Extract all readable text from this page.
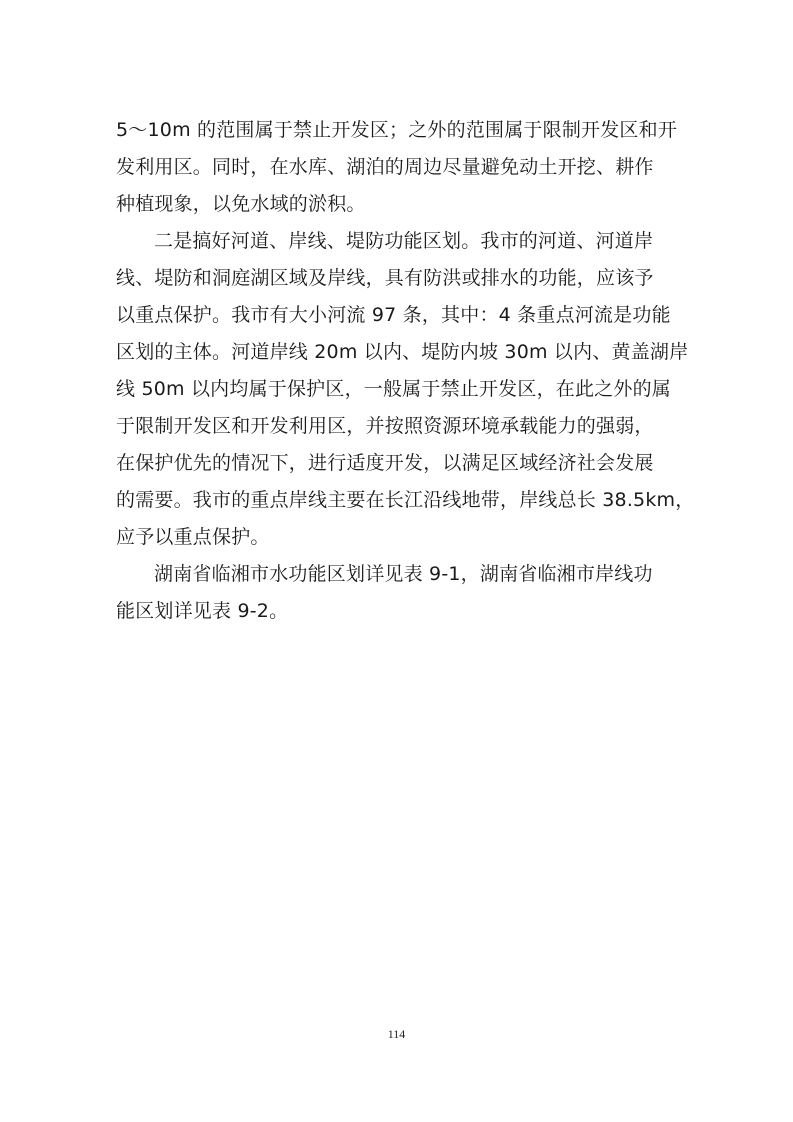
5～10m 的范围属于禁止开发区；之外的范围属于限制开发区和开
发利用区。同时，在水库、湖泊的周边尽量避免动土开挖、耕作
种植现象，以免水域的淤积。
二是搞好河道、岸线、堤防功能区划。我市的河道、河道岸
线、堤防和洞庭湖区域及岸线，具有防洪或排水的功能，应该予
以重点保护。我市有大小河流 97 条，其中：4 条重点河流是功能
区划的主体。河道岸线 20m 以内、堤防内坡 30m 以内、黄盖湖岸
线 50m 以内均属于保护区，一般属于禁止开发区，在此之外的属
于限制开发区和开发利用区，并按照资源环境承载能力的强弱，
在保护优先的情况下，进行适度开发，以满足区域经济社会发展
的需要。我市的重点岸线主要在长江沿线地带，岸线总长 38.5km，
应予以重点保护。
湖南省临湘市水功能区划详见表 9-1，湖南省临湘市岸线功
能区划详见表 9-2。
114
